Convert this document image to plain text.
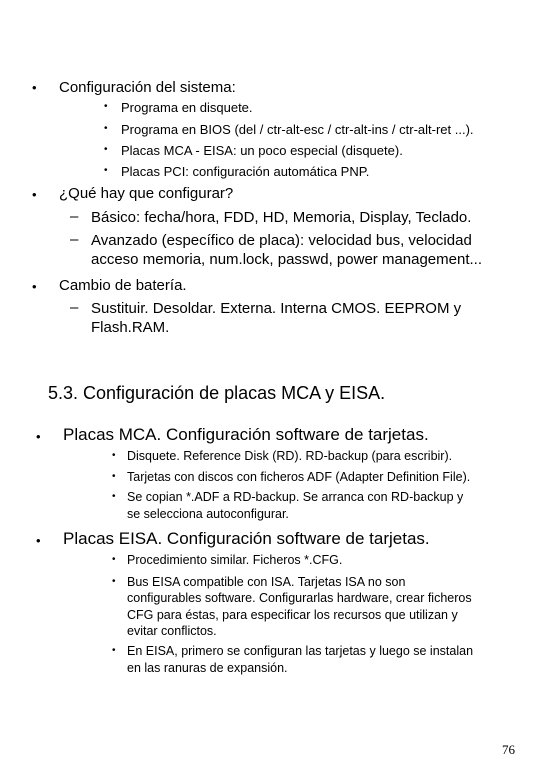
• Configuración del sistema:
• Programa en disquete.
• Programa en BIOS (del / ctr-alt-esc / ctr-alt-ins / ctr-alt-ret ...).
• Placas MCA - EISA: un poco especial (disquete).
• Placas PCI: configuración automática PNP.
• ¿Qué hay que configurar?
– Básico: fecha/hora, FDD, HD, Memoria, Display, Teclado.
– Avanzado (específico de placa): velocidad bus, velocidad
acceso memoria, num.lock, passwd, power management...
• Cambio de batería.
– Sustituir. Desoldar. Externa. Interna CMOS. EEPROM y
Flash.RAM.
5.3. Configuración de placas MCA y EISA.
• Placas MCA. Configuración software de tarjetas.
• Disquete. Reference Disk (RD). RD-backup (para escribir).
• Tarjetas con discos con ficheros ADF (Adapter Definition File).
• Se copian *.ADF a RD-backup. Se arranca con RD-backup y
se selecciona autoconfigurar.
• Placas EISA. Configuración software de tarjetas.
• Procedimiento similar. Ficheros *.CFG.
• Bus EISA compatible con ISA. Tarjetas ISA no son
configurables software. Configurarlas hardware, crear ficheros
CFG para éstas, para especificar los recursos que utilizan y
evitar conflictos.
• En EISA, primero se configuran las tarjetas y luego se instalan
en las ranuras de expansión.
76
